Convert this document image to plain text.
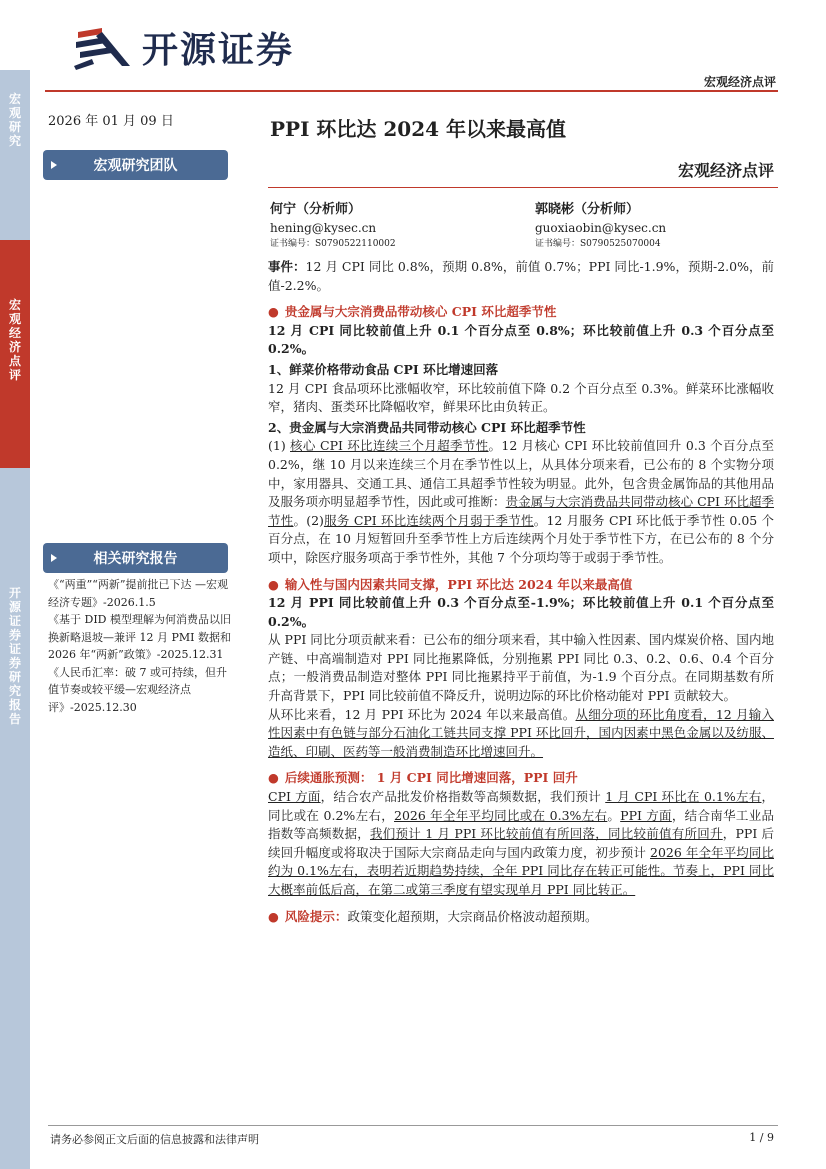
宏观研究
宏观经济点评
开源证券证券研究报告
开源证券
宏观经济点评
2026 年 01 月 09 日	PPI 环比达 2024 年以来最高值
宏观经济点评
宏观研究团队
何宁（分析师）
hening@kysec.cn
证书编号：S0790522110002
郭晓彬（分析师）
guoxiaobin@kysec.cn
证书编号：S0790525070004
相关研究报告
《“两重”“两新”提前批已下达 —宏观经济专题》-2026.1.5
《基于 DID 模型理解为何消费品以旧换新略退坡—兼评 12 月 PMI 数据和 2026 年“两新”政策》-2025.12.31
《人民币汇率：破 7 或可持续，但升值节奏或较平缓—宏观经济点评》-2025.12.30

事件：12 月 CPI 同比 0.8%，预期 0.8%，前值 0.7%；PPI 同比-1.9%，预期-2.0%，前值-2.2%。

● 贵金属与大宗消费品带动核心 CPI 环比超季节性

12 月 CPI 同比较前值上升 0.1 个百分点至 0.8%；环比较前值上升 0.3 个百分点至 0.2%。

1、鲜菜价格带动食品 CPI 环比增速回落

12 月 CPI 食品项环比涨幅收窄，环比较前值下降 0.2 个百分点至 0.3%。鲜菜环比涨幅收窄，猪肉、蛋类环比降幅收窄，鲜果环比由负转正。

2、贵金属与大宗消费品共同带动核心 CPI 环比超季节性

(1) 核心 CPI 环比连续三个月超季节性。12 月核心 CPI 环比较前值回升 0.3 个百分点至 0.2%，继 10 月以来连续三个月在季节性以上，从具体分项来看，已公布的 8 个实物分项中，家用器具、交通工具、通信工具超季节性较为明显。此外，包含贵金属饰品的其他用品及服务项亦明显超季节性，因此或可推断：贵金属与大宗消费品共同带动核心 CPI 环比超季节性。(2)服务 CPI 环比连续两个月弱于季节性。12 月服务 CPI 环比低于季节性 0.05 个百分点，在 10 月短暂回升至季节性上方后连续两个月处于季节性下方，在已公布的 8 个分项中，除医疗服务项高于季节性外，其他 7 个分项均等于或弱于季节性。

● 输入性与国内因素共同支撑，PPI 环比达 2024 年以来最高值

12 月 PPI 同比较前值上升 0.3 个百分点至-1.9%；环比较前值上升 0.1 个百分点至 0.2%。

从 PPI 同比分项贡献来看：已公布的细分项来看，其中输入性因素、国内煤炭价格、国内地产链、中高端制造对 PPI 同比拖累降低，分别拖累 PPI 同比 0.3、0.2、0.6、0.4 个百分点；一般消费品制造对整体 PPI 同比拖累持平于前值，为-1.9 个百分点。在同期基数有所升高背景下，PPI 同比较前值不降反升，说明边际的环比价格动能对 PPI 贡献较大。

从环比来看，12 月 PPI 环比为 2024 年以来最高值。从细分项的环比角度看，12 月输入性因素中有色链与部分石油化工链共同支撑 PPI 环比回升，国内因素中黑色金属以及纺服、造纸、印刷、医药等一般消费制造环比增速回升。

● 后续通胀预测： 1 月 CPI 同比增速回落，PPI 回升

CPI 方面，结合农产品批发价格指数等高频数据，我们预计 1 月 CPI 环比在 0.1%左右，同比或在 0.2%左右，2026 年全年平均同比或在 0.3%左右。PPI 方面，结合南华工业品指数等高频数据，我们预计 1 月 PPI 环比较前值有所回落，同比较前值有所回升，PPI 后续回升幅度或将取决于国际大宗商品走向与国内政策力度，初步预计 2026 年全年平均同比约为 0.1%左右，表明若近期趋势持续，全年 PPI 同比存在转正可能性。节奏上，PPI 同比大概率前低后高，在第二或第三季度有望实现单月 PPI 同比转正。

● 风险提示：政策变化超预期，大宗商品价格波动超预期。

请务必参阅正文后面的信息披露和法律声明	1 / 9
